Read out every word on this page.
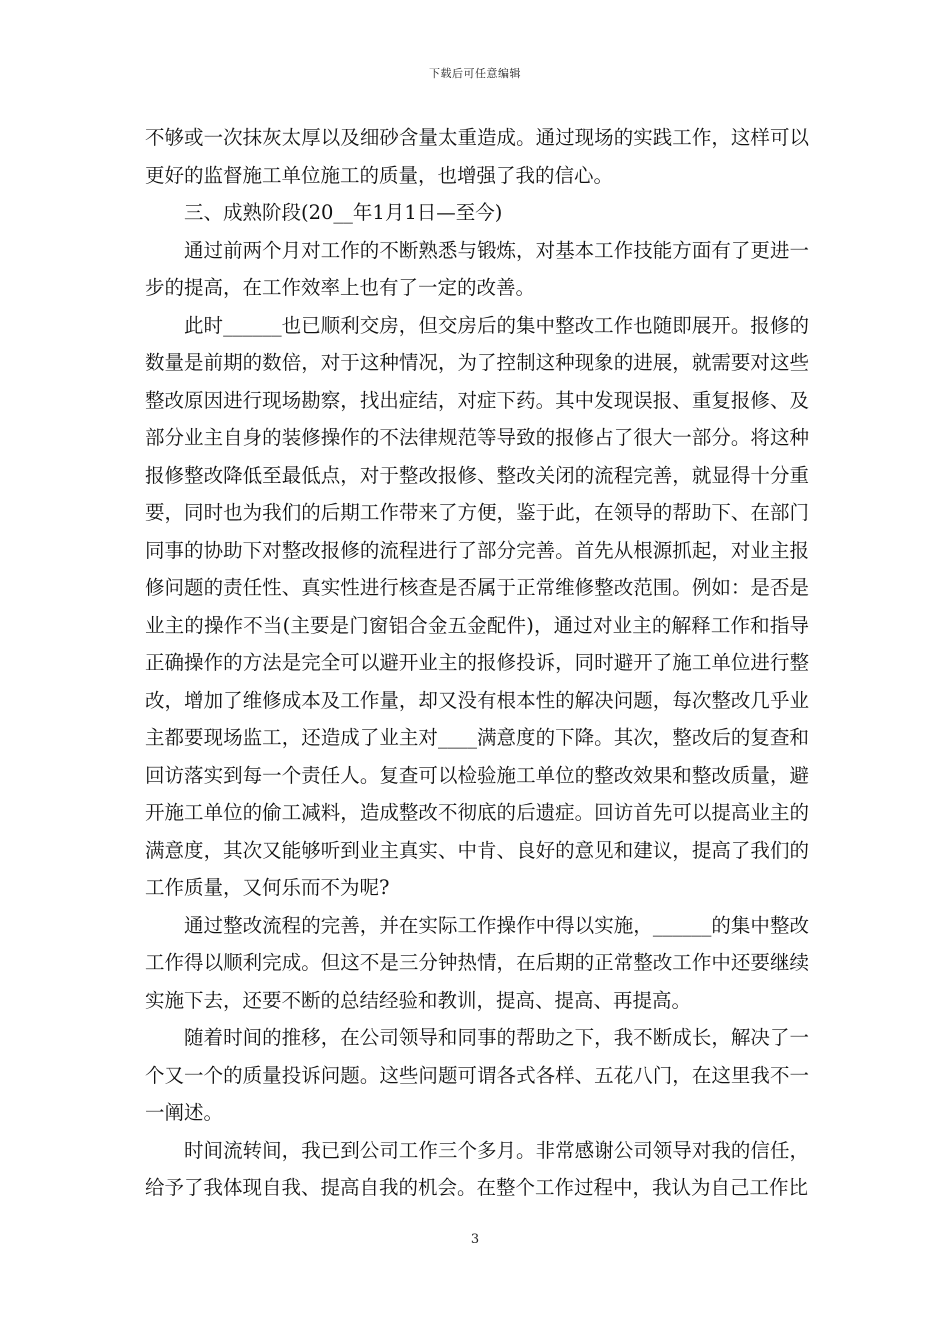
下载后可任意编辑

不够或一次抹灰太厚以及细砂含量太重造成。通过现场的实践工作，这样可以更好的监督施工单位施工的质量，也增强了我的信心。

三、成熟阶段(20__年1月1日—至今)

通过前两个月对工作的不断熟悉与锻炼，对基本工作技能方面有了更进一步的提高，在工作效率上也有了一定的改善。

此时______也已顺利交房，但交房后的集中整改工作也随即展开。报修的数量是前期的数倍，对于这种情况，为了控制这种现象的进展，就需要对这些整改原因进行现场勘察，找出症结，对症下药。其中发现误报、重复报修、及部分业主自身的装修操作的不法律规范等导致的报修占了很大一部分。将这种报修整改降低至最低点，对于整改报修、整改关闭的流程完善，就显得十分重要，同时也为我们的后期工作带来了方便，鉴于此，在领导的帮助下、在部门同事的协助下对整改报修的流程进行了部分完善。首先从根源抓起，对业主报修问题的责任性、真实性进行核查是否属于正常维修整改范围。例如：是否是业主的操作不当(主要是门窗铝合金五金配件)，通过对业主的解释工作和指导正确操作的方法是完全可以避开业主的报修投诉，同时避开了施工单位进行整改，增加了维修成本及工作量，却又没有根本性的解决问题，每次整改几乎业主都要现场监工，还造成了业主对____满意度的下降。其次，整改后的复查和回访落实到每一个责任人。复查可以检验施工单位的整改效果和整改质量，避开施工单位的偷工减料，造成整改不彻底的后遗症。回访首先可以提高业主的满意度，其次又能够听到业主真实、中肯、良好的意见和建议，提高了我们的工作质量，又何乐而不为呢?

通过整改流程的完善，并在实际工作操作中得以实施，______的集中整改工作得以顺利完成。但这不是三分钟热情，在后期的正常整改工作中还要继续实施下去，还要不断的总结经验和教训，提高、提高、再提高。

随着时间的推移，在公司领导和同事的帮助之下，我不断成长，解决了一个又一个的质量投诉问题。这些问题可谓各式各样、五花八门，在这里我不一一阐述。

时间流转间，我已到公司工作三个多月。非常感谢公司领导对我的信任，给予了我体现自我、提高自我的机会。在整个工作过程中，我认为自己工作比

3
